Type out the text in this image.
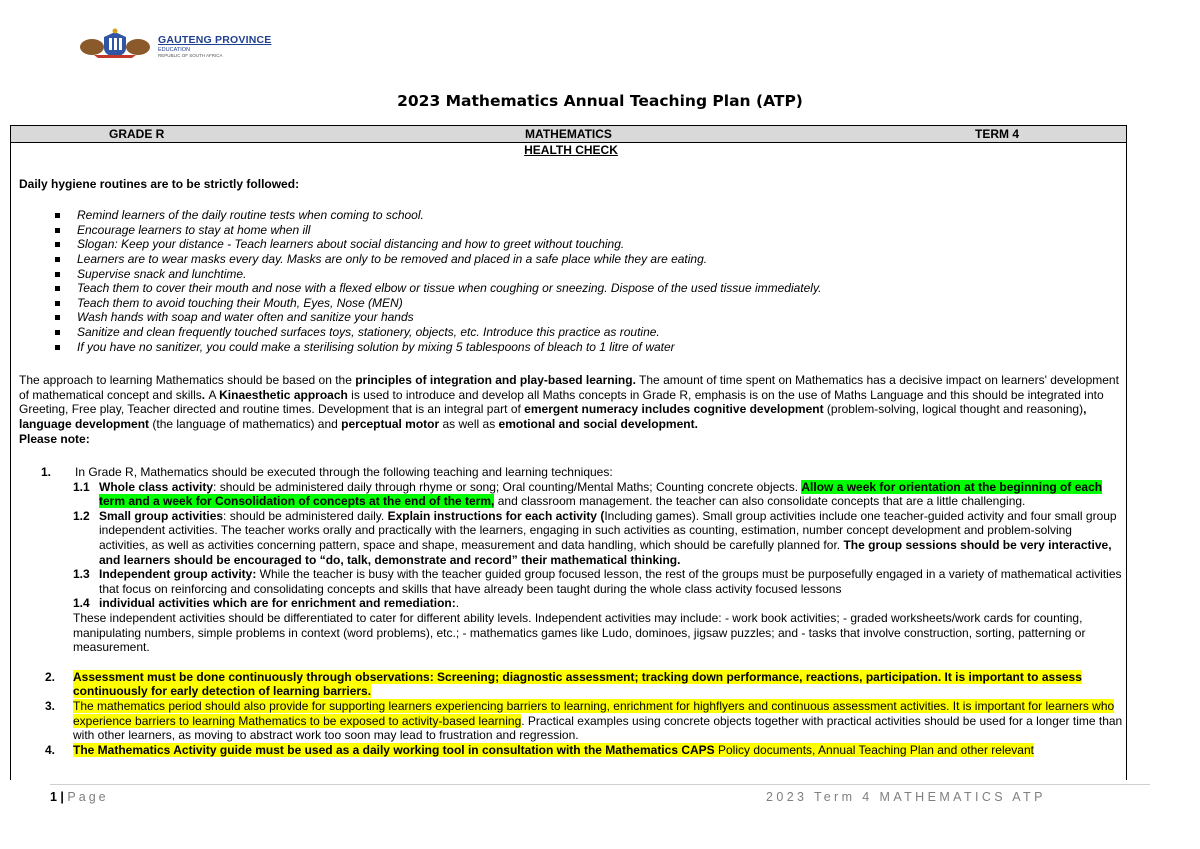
GAUTENG PROVINCE
EDUCATION
REPUBLIC OF SOUTH AFRICA
2023 Mathematics Annual Teaching Plan (ATP)
GRADE R	MATHEMATICS	TERM 4
HEALTH CHECK
Daily hygiene routines are to be strictly followed:
Remind learners of the daily routine tests when coming to school.
Encourage learners to stay at home when ill
Slogan: Keep your distance - Teach learners about social distancing and how to greet without touching.
Learners are to wear masks every day. Masks are only to be removed and placed in a safe place while they are eating.
Supervise snack and lunchtime.
Teach them to cover their mouth and nose with a flexed elbow or tissue when coughing or sneezing. Dispose of the used tissue immediately.
Teach them to avoid touching their Mouth, Eyes, Nose (MEN)
Wash hands with soap and water often and sanitize your hands
Sanitize and clean frequently touched surfaces toys, stationery, objects, etc. Introduce this practice as routine.
If you have no sanitizer, you could make a sterilising solution by mixing 5 tablespoons of bleach to 1 litre of water
The approach to learning Mathematics should be based on the principles of integration and play-based learning. The amount of time spent on Mathematics has a decisive impact on learners' development of mathematical concept and skills. A Kinaesthetic approach is used to introduce and develop all Maths concepts in Grade R, emphasis is on the use of Maths Language and this should be integrated into Greeting, Free play, Teacher directed and routine times. Development that is an integral part of emergent numeracy includes cognitive development (problem-solving, logical thought and reasoning), language development (the language of mathematics) and perceptual motor as well as emotional and social development.
Please note:
1. In Grade R, Mathematics should be executed through the following teaching and learning techniques:
1.1 Whole class activity: should be administered daily through rhyme or song; Oral counting/Mental Maths; Counting concrete objects. Allow a week for orientation at the beginning of each term and a week for Consolidation of concepts at the end of the term, and classroom management. the teacher can also consolidate concepts that are a little challenging.
1.2 Small group activities: should be administered daily. Explain instructions for each activity (Including games). Small group activities include one teacher-guided activity and four small group independent activities. The teacher works orally and practically with the learners, engaging in such activities as counting, estimation, number concept development and problem-solving activities, as well as activities concerning pattern, space and shape, measurement and data handling, which should be carefully planned for. The group sessions should be very interactive, and learners should be encouraged to “do, talk, demonstrate and record” their mathematical thinking.
1.3 Independent group activity: While the teacher is busy with the teacher guided group focused lesson, the rest of the groups must be purposefully engaged in a variety of mathematical activities that focus on reinforcing and consolidating concepts and skills that have already been taught during the whole class activity focused lessons
1.4 individual activities which are for enrichment and remediation:.
These independent activities should be differentiated to cater for different ability levels. Independent activities may include: - work book activities; - graded worksheets/work cards for counting, manipulating numbers, simple problems in context (word problems), etc.; - mathematics games like Ludo, dominoes, jigsaw puzzles; and - tasks that involve construction, sorting, patterning or measurement.
2. Assessment must be done continuously through observations: Screening; diagnostic assessment; tracking down performance, reactions, participation. It is important to assess continuously for early detection of learning barriers.
3. The mathematics period should also provide for supporting learners experiencing barriers to learning, enrichment for highflyers and continuous assessment activities. It is important for learners who experience barriers to learning Mathematics to be exposed to activity-based learning. Practical examples using concrete objects together with practical activities should be used for a longer time than with other learners, as moving to abstract work too soon may lead to frustration and regression.
4. The Mathematics Activity guide must be used as a daily working tool in consultation with the Mathematics CAPS Policy documents, Annual Teaching Plan and other relevant
1 | Page	2023 Term 4 MATHEMATICS ATP
